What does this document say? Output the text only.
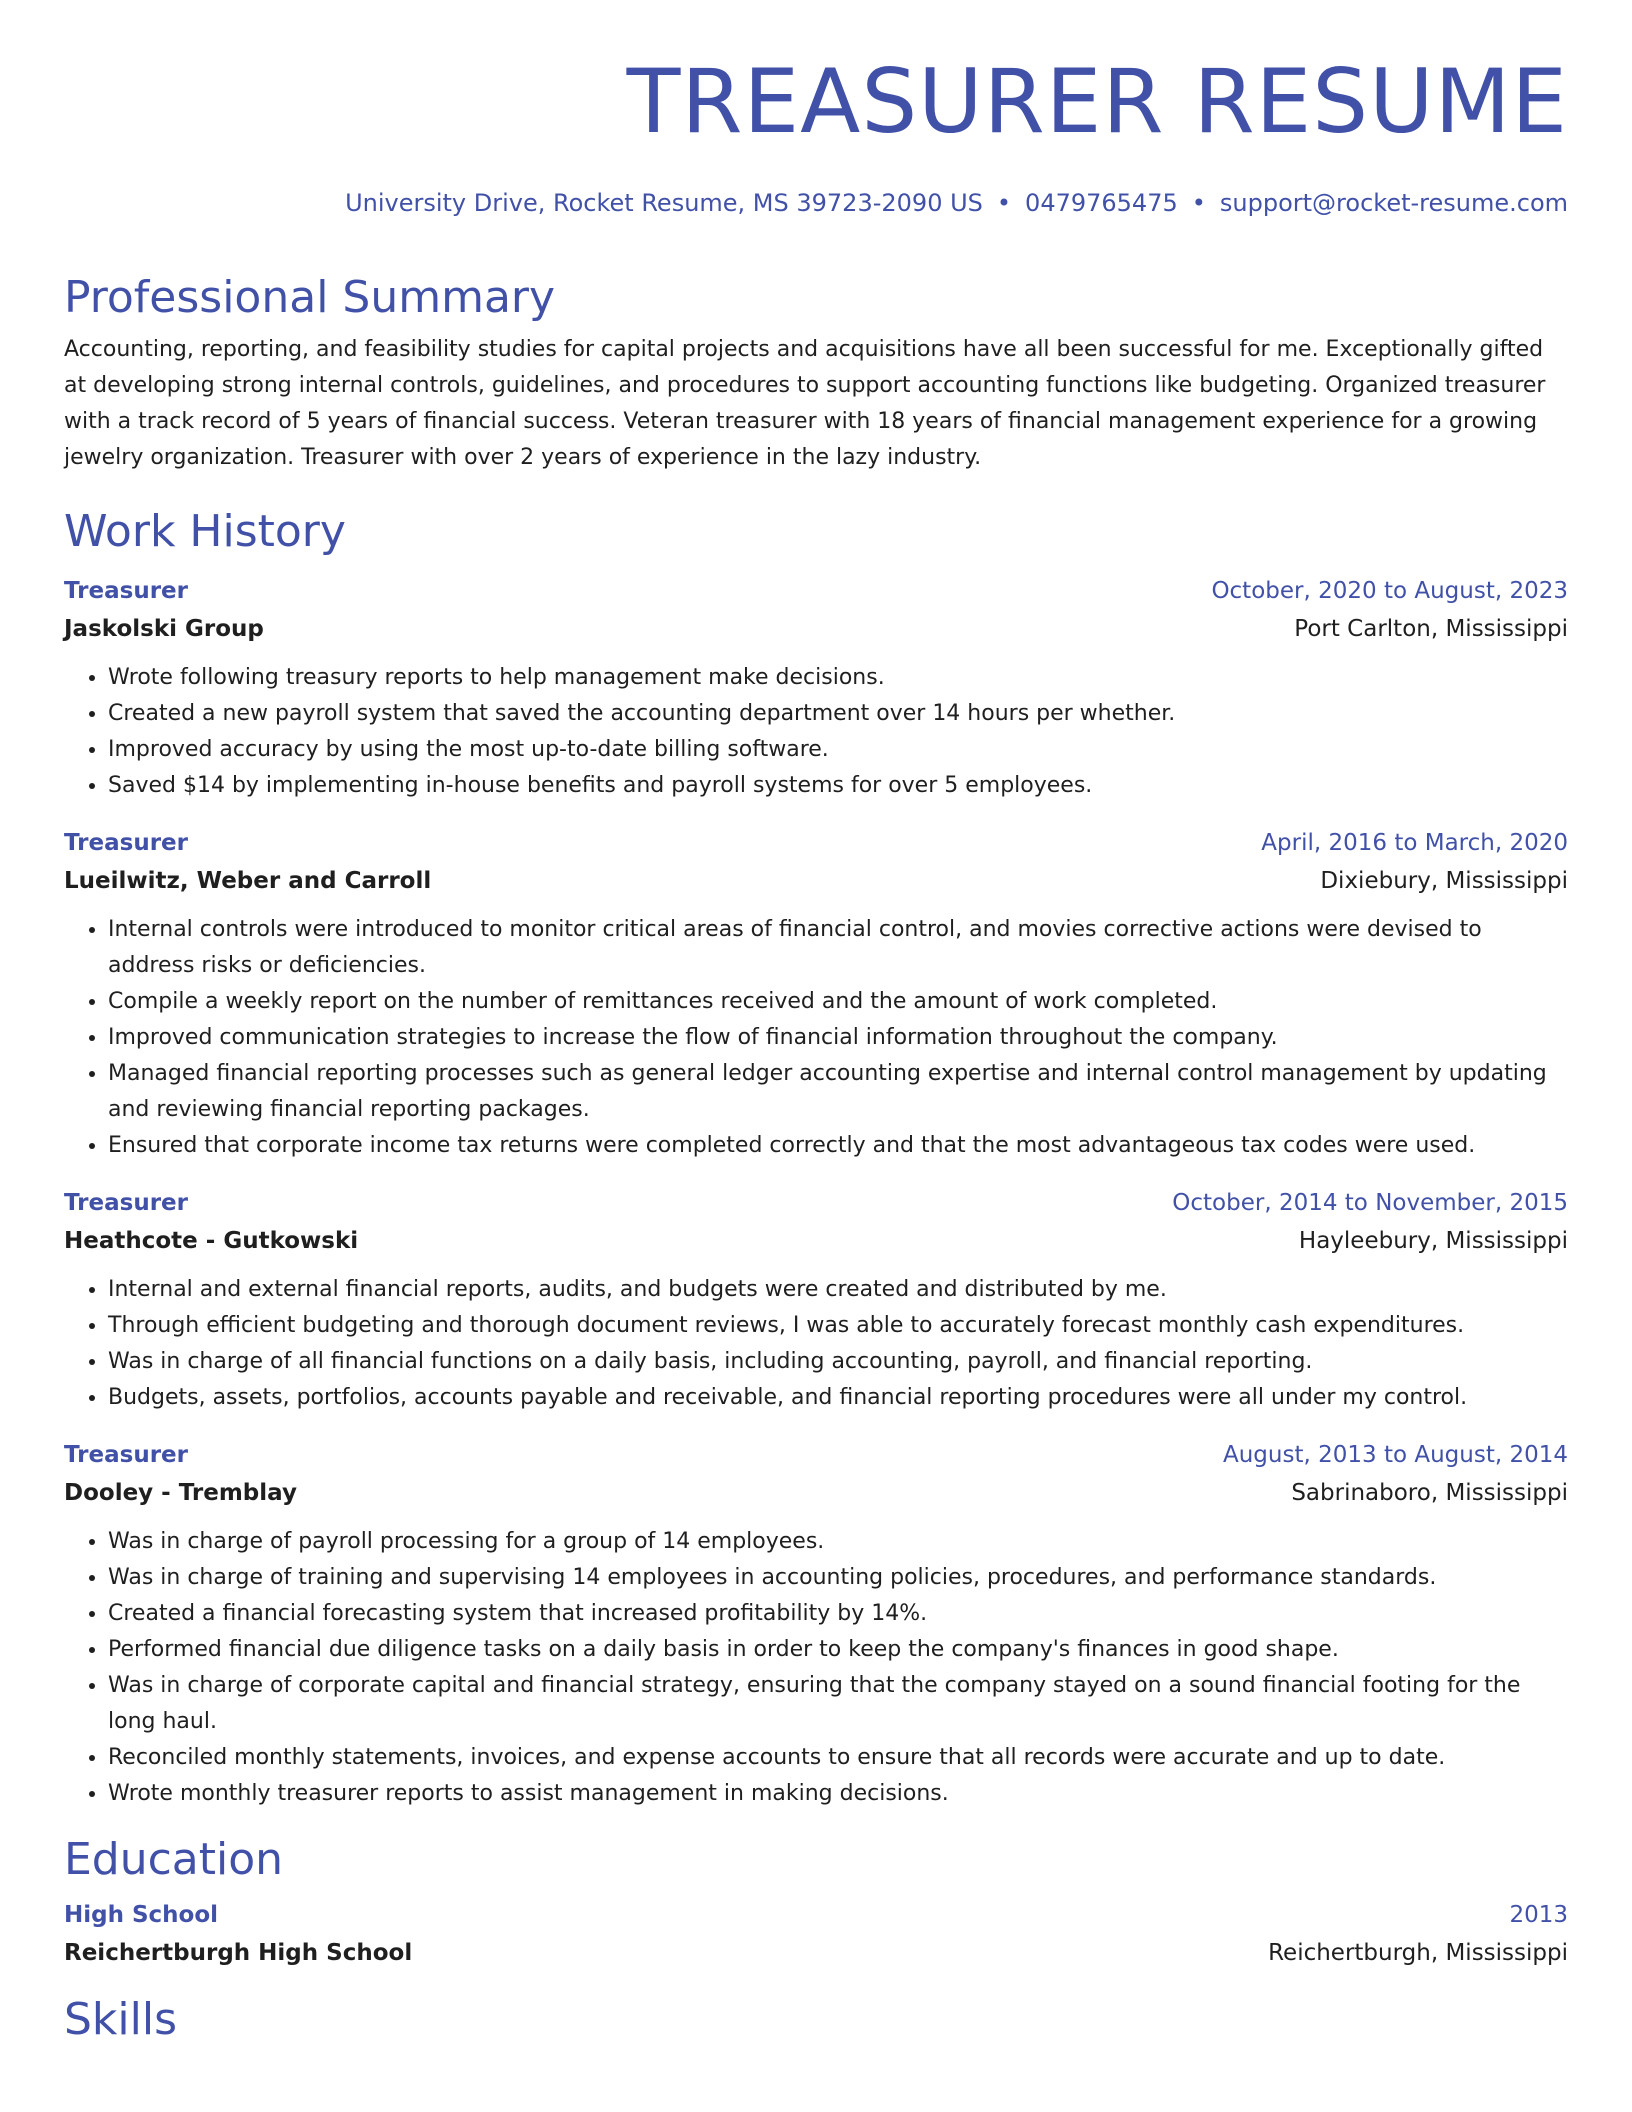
TREASURER RESUME
University Drive, Rocket Resume, MS 39723-2090 US • 0479765475 • support@rocket-resume.com
Professional Summary

Accounting, reporting, and feasibility studies for capital projects and acquisitions have all been successful for me. Exceptionally gifted at developing strong internal controls, guidelines, and procedures to support accounting functions like budgeting. Organized treasurer with a track record of 5 years of financial success. Veteran treasurer with 18 years of financial management experience for a growing jewelry organization. Treasurer with over 2 years of experience in the lazy industry.

Work History
Treasurer	October, 2020 to August, 2023
Jaskolski Group	Port Carlton, Mississippi
• Wrote following treasury reports to help management make decisions.
• Created a new payroll system that saved the accounting department over 14 hours per whether.
• Improved accuracy by using the most up-to-date billing software.
• Saved $14 by implementing in-house benefits and payroll systems for over 5 employees.
Treasurer	April, 2016 to March, 2020
Lueilwitz, Weber and Carroll	Dixiebury, Mississippi
• Internal controls were introduced to monitor critical areas of financial control, and movies corrective actions were devised to address risks or deficiencies.
• Compile a weekly report on the number of remittances received and the amount of work completed.
• Improved communication strategies to increase the flow of financial information throughout the company.
• Managed financial reporting processes such as general ledger accounting expertise and internal control management by updating and reviewing financial reporting packages.
• Ensured that corporate income tax returns were completed correctly and that the most advantageous tax codes were used.
Treasurer	October, 2014 to November, 2015
Heathcote - Gutkowski	Hayleebury, Mississippi
• Internal and external financial reports, audits, and budgets were created and distributed by me.
• Through efficient budgeting and thorough document reviews, I was able to accurately forecast monthly cash expenditures.
• Was in charge of all financial functions on a daily basis, including accounting, payroll, and financial reporting.
• Budgets, assets, portfolios, accounts payable and receivable, and financial reporting procedures were all under my control.
Treasurer	August, 2013 to August, 2014
Dooley - Tremblay	Sabrinaboro, Mississippi
• Was in charge of payroll processing for a group of 14 employees.
• Was in charge of training and supervising 14 employees in accounting policies, procedures, and performance standards.
• Created a financial forecasting system that increased profitability by 14%.
• Performed financial due diligence tasks on a daily basis in order to keep the company's finances in good shape.
• Was in charge of corporate capital and financial strategy, ensuring that the company stayed on a sound financial footing for the long haul.
• Reconciled monthly statements, invoices, and expense accounts to ensure that all records were accurate and up to date.
• Wrote monthly treasurer reports to assist management in making decisions.
Education
High School	2013
Reichertburgh High School	Reichertburgh, Mississippi
Skills
